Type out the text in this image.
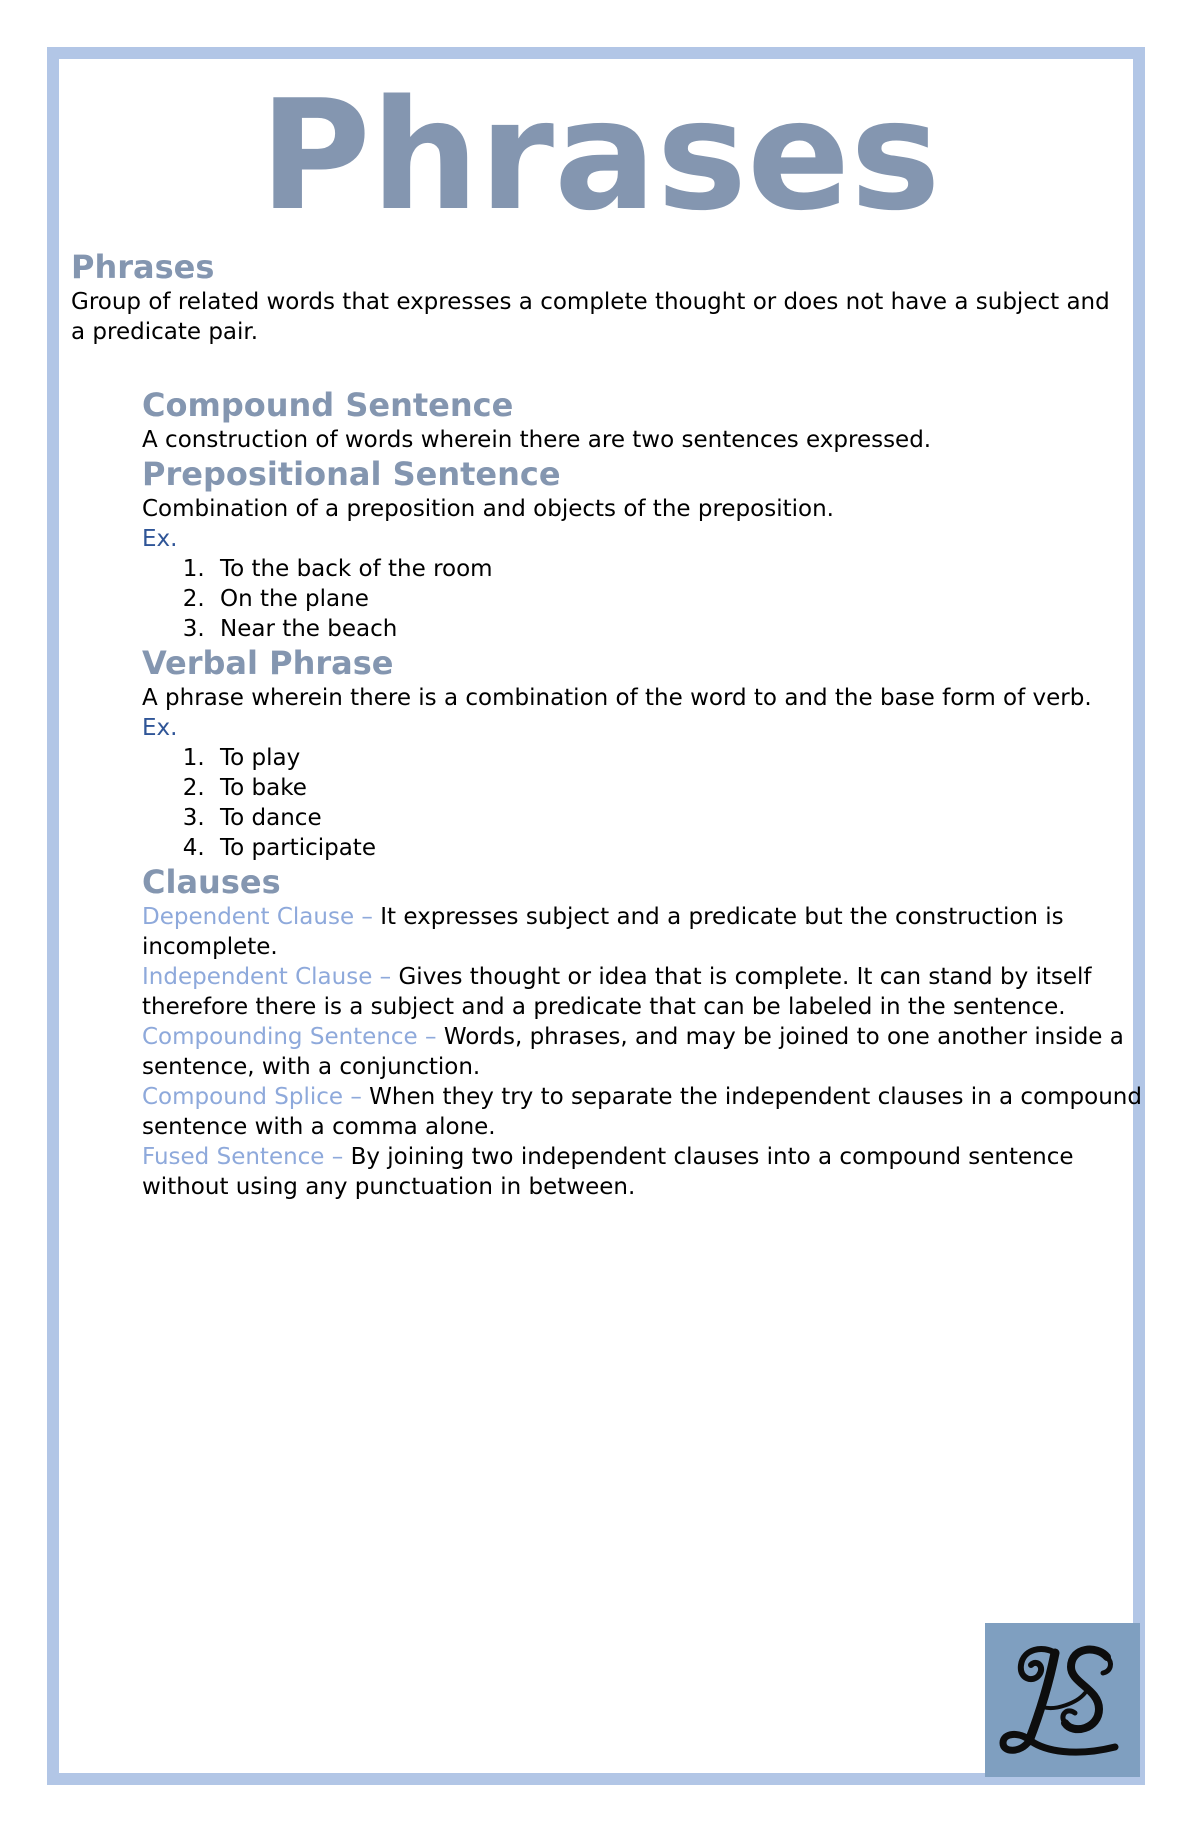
Phrases
Phrases

Group of related words that expresses a complete thought or does not have a subject and a predicate pair.

Compound Sentence

A construction of words wherein there are two sentences expressed.

Prepositional Sentence

Combination of a preposition and objects of the preposition.

Ex.

1. To the back of the room
2. On the plane
3. Near the beach
Verbal Phrase

A phrase wherein there is a combination of the word to and the base form of verb.

Ex.

1. To play
2. To bake
3. To dance
4. To participate
Clauses

Dependent Clause – It expresses subject and a predicate but the construction is incomplete.

Independent Clause – Gives thought or idea that is complete. It can stand by itself therefore there is a subject and a predicate that can be labeled in the sentence.

Compounding Sentence – Words, phrases, and may be joined to one another inside a sentence, with a conjunction.

Compound Splice – When they try to separate the independent clauses in a compound sentence with a comma alone.

Fused Sentence – By joining two independent clauses into a compound sentence without using any punctuation in between.
